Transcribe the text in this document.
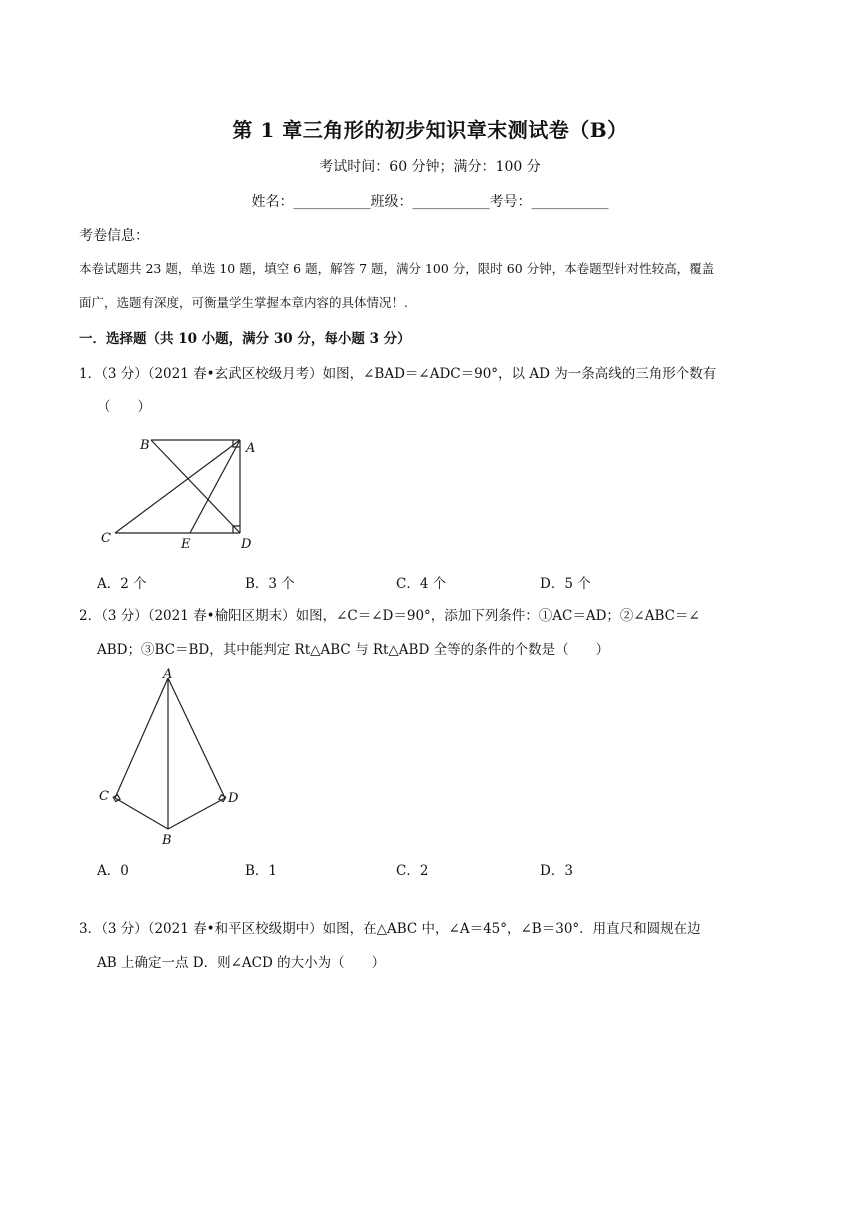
第 1 章三角形的初步知识章末测试卷（B）
考试时间：60 分钟；满分：100 分
姓名：___________班级：___________考号：___________
考卷信息：
本卷试题共 23 题，单选 10 题，填空 6 题，解答 7 题，满分 100 分，限时 60 分钟，本卷题型针对性较高，覆盖
面广，选题有深度，可衡量学生掌握本章内容的具体情况！.
一．选择题（共 10 小题，满分 30 分，每小题 3 分）
1．（3 分）（2021 春•玄武区校级月考）如图，∠BAD＝∠ADC＝90°，以 AD 为一条高线的三角形个数有
（　　）
B	A
C	E	D
A．2 个	B．3 个	C．4 个	D．5 个
2．（3 分）（2021 春•榆阳区期末）如图，∠C＝∠D＝90°，添加下列条件：①AC＝AD；②∠ABC＝∠
ABD；③BC＝BD，其中能判定 Rt△ABC 与 Rt△ABD 全等的条件的个数是（　　）
A
C	D
B
A．0	B．1	C．2	D．3
3．（3 分）（2021 春•和平区校级期中）如图，在△ABC 中，∠A＝45°，∠B＝30°．用直尺和圆规在边
AB 上确定一点 D．则∠ACD 的大小为（　　）
